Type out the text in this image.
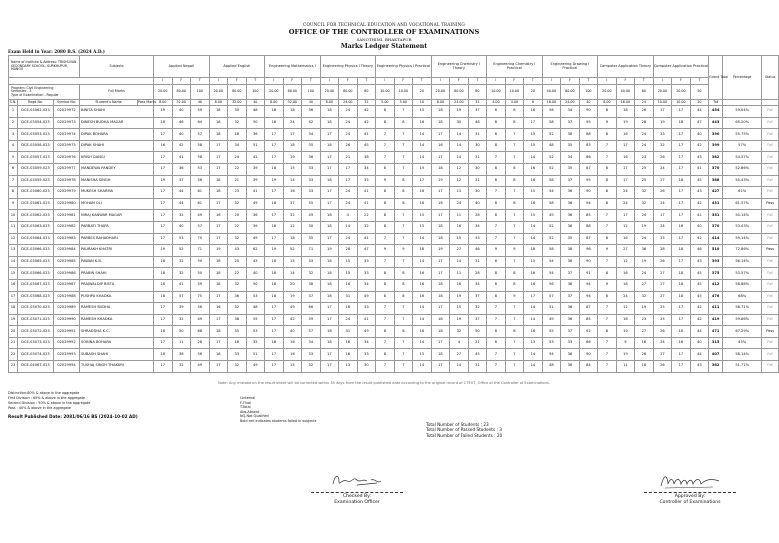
COUNCIL FOR TECHNICAL EDUCATION AND VOCATIONAL TRAINING
OFFICE OF THE CONTROLLER OF EXAMINATIONS
SANOTHIMI, BHAKTAPUR
Marks Ledger Statement
Exam Held in Year: 2080 B.S. (2024 A.D.)
Name of Institute & Address: TRISHUVAN SECONDARY SCHOOL, SURKHUPUR, MANGO			Subjects		Applied Nepali			Applied English			Engineering Mathematics I			Engineering Physics I Theory			Engineering Physics I Practical			Engineering Chemistry I Theory			Engineering Chemistry I Practical			Engineering Drawing I Practical			Computer Application Theory			Computer Application Practical			Grand Total	Percentage	Status
					I	F	T	I	F	T	I	F	T	I	F	T	I	F	T	I	F	T	I	F	T	I	F	T	I	F	T	I	F	T			

Program: Civil Engineering
Semester - 3
Type of Examination - Regular			Full Marks		20.00	80.00	100	20.00	80.00	100	20.00	80.00	100	20.00	80.00	80	10.00	10.00	20	20.00	80.00	80	10.00	10.00	20	40.00	60.00	100	20.00	40.00	60	20.00	20.00	50			
S.N.	Regd.No.	Symbol No.	Student's Name	Pass Marks	8.00	32.00	40	8.00	32.00	40	8.00	32.00	40	8.00	24.00	32	5.00	5.00	10	8.00	24.00	32	4.00	4.00	8	16.00	24.00	40	8.00	16.00	24	10.00	10.00	20	Tot		
1	DCE-03062-023	02029972	BINITA SHAHI		19	40	59	18	30	48	18	18	36	18	24	42	8	7	15	18	19	37	8	8	16	56	34	90	8	18	26	17	17	44	454	59.04%	Fail
2	DCE-03054-023	02029973	DINESH BUDHA MAGAR		18	46	64	18	32	50	18	24	42	18	24	42	8	8	16	18	30	48	8	8	17	58	37	95	9	19	28	19	18	47	443	65.20%	Fail
3	DCE-03053-023	02029974	DIPAK BOHARA		17	40	57	18	18	36	17	17	34	17	24	41	7	7	14	17	14	31	8	7	15	52	36	88	8	16	24	23	17	40	390	55.75%	Fail
4	DCE-03058-023	02029975	DIPAK SHAHI		16	42	58	17	34	51	17	18	35	18	26	45	7	7	14	16	14	30	8	7	15	48	35	83	7	17	24	22	17	42	399	57%	Fail
5	DCE-03057-023	02029976	KRISH DANGI		17	41	58	17	24	41	17	19	36	17	21	38	7	7	14	17	14	31	7	7	14	52	34	86	7	16	23	26	17	43	382	54.57%	Fail
6	DCE-03059-023	02029977	MANDEWA PANDEY		17	36	53	17	22	39	18	15	33	17	17	34	8	7	15	18	12	30	8	8	16	52	35	87	8	17	25	24	17	41	370	52.86%	Fail
7	DCE-03059-023	02029978	MANISHA SINGH		19	37	56	18	21	39	19	14	33	18	17	35	9	8	17	19	12	31	8	8	16	58	37	95	8	17	25	27	18	45	388	55.43%	Fail
8	DCE-03060-023	02029979	MUKESH SHARMA		17	44	61	18	23	41	17	16	33	17	24	41	8	8	16	17	13	30	7	7	15	54	36	90	8	24	32	26	17	43	427	61%	Fail
9	DCE-03061-023	02029980	MOHAN OLI		17	44	61	17	32	49	18	37	55	17	24	41	8	8	16	16	24	40	8	8	16	58	36	94	8	24	32	24	17	42	431	61.57%	Pass
10	DCE-03062-023	02029981	NIRAJ KANWAR MAGAR		17	32	49	16	20	36	17	32	49	18	4	22	8	7	15	17	11	28	8	7	15	49	36	85	7	17	24	17	17	41	351	50.14%	Fail
11	DCE-03063-023	02029982	PARBATI THAPA		17	40	57	17	22	39	18	12	30	18	14	32	8	7	15	18	16	34	7	7	14	52	36	88	7	12	19	24	16	40	370	53.43%	Fail
12	DCE-03064-023	02029983	PARBES BAHADHARI		17	53	70	17	32	49	17	18	35	17	24	41	7	7	14	18	15	33	7	7	14	52	35	87	8	16	24	25	17	42	414	59.14%	Fail
13	DCE-03066-023	02029984	PAURAKH KHATRI		19	52	71	19	43	62	19	52	71	19	28	47	9	9	18	19	27	46	9	9	18	58	38	96	9	27	36	28	18	46	510	72.86%	Pass
14	DCE-03065-023	02029985	PAWAN K.B.		18	32	50	18	25	43	18	15	33	18	15	33	7	7	14	17	14	31	8	7	15	54	36	90	7	12	19	26	17	43	393	56.14%	Fail
15	DCE-03066-023	02029986	PRABIN SHAHI		18	32	50	18	22	40	18	14	32	18	15	33	8	8	16	17	11	28	8	8	16	54	37	91	8	16	24	27	18	45	375	53.57%	Fail
16	DCE-03067-023	02029987	PRAJWALDIP BISTA		18	41	59	18	32	50	18	20	38	18	16	34	8	8	16	18	16	34	8	8	16	56	38	94	9	18	27	27	18	45	412	58.86%	Fail
17	DCE-03068-023	02029988	PUSHPA KHADKA		18	57	75	17	36	53	18	19	37	18	31	49	8	8	16	18	19	37	8	9	17	57	37	94	8	24	32	27	18	45	476	68%	Fail
18	DCE-03070-023	02029989	RAMESH BUDHA		17	39	56	16	32	48	17	49	66	17	16	33	7	7	14	17	15	32	7	7	14	51	36	87	7	12	19	25	17	42	411	58.71%	Fail
19	DCE-03071-023	02029990	RAMESH KHADKA		17	32	49	17	38	55	17	42	59	17	24	41	7	7	14	18	19	37	7	7	14	49	36	85	7	16	23	25	17	42	419	59.86%	Fail
20	DCE-03072-023	02029991	SHRADDHA K.C.		18	50	68	18	35	53	17	40	57	18	31	49	8	8	16	18	32	50	8	8	16	55	37	92	8	19	27	26	18	44	471	67.29%	Pass
21	DCE-03073-023	02029992	SOBINA BOHARA		17	11	28	17	18	35	18	16	34	18	16	34	7	7	14	17	4	21	6	7	13	53	33	86	7	9	16	24	16	40	315	45%	Fail
22	DCE-03074-023	02029993	SUBASH SHAHI		18	38	56	18	33	51	17	16	33	17	16	33	8	7	15	18	27	45	7	7	14	54	36	90	7	19	26	27	17	44	407	58.14%	Fail
23	DCE-04067-023	02029994	TUSHAJ SINGH THAKURI		17	32	49	17	32	49	17	15	32	17	13	30	7	7	14	17	14	31	7	7	14	48	36	84	7	11	18	26	17	43	362	51.71%	Fail
Note: Any mistake on the result sheet will be corrected within 35 days from the result published date according to the original record of CTEVT, Office of the Controller of Examinations.
Distinction:80% & above in the aggregate
First Division : 65% & above in the aggregate
Second Division : 50% & above in the aggregate
Pass : 40% & above in the aggregate
Result Published Date: 2081/06/16 BS (2024-10-02 AD)
I-Internal
F-Final
T-Total
Abs-Absent
NQ-Not Qualified
Bold cell indicates students failed in subjects
Total Number of Students : 23
Total Number of Passed Students : 3
Total Number of Failed Students : 20
Checked By:
Examination Officer
Approved By:
Controller of Examinations
